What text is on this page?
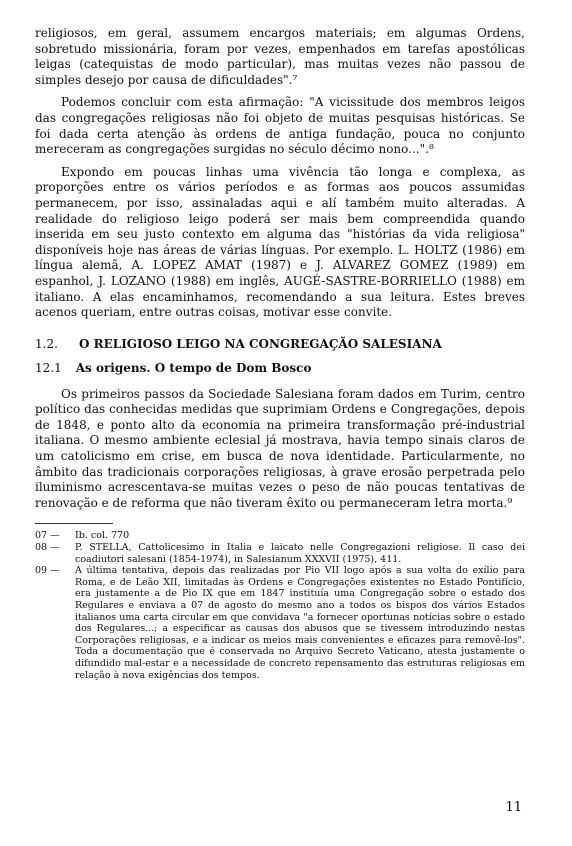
religiosos, em geral, assumem encargos materiais; em algumas Ordens, sobretudo missionária, foram por vezes, empenhados em tarefas apostólicas leigas (catequistas de modo particular), mas muitas vezes não passou de simples desejo por causa de dificuldades".⁷

Podemos concluir com esta afirmação: "A vicissitude dos membros leigos das congregações religiosas não foi objeto de muitas pesquisas históricas. Se foi dada certa atenção às ordens de antiga fundação, pouca no conjunto mereceram as congregações surgidas no século décimo nono...".⁸

Expondo em poucas linhas uma vivência tão longa e complexa, as proporções entre os vários períodos e as formas aos poucos assumidas permanecem, por isso, assinaladas aqui e alí também muito alteradas. A realidade do religioso leigo poderá ser mais bem compreendida quando inserida em seu justo contexto em alguma das "histórias da vida religiosa" disponíveis hoje nas áreas de várias línguas. Por exemplo. L. HOLTZ (1986) em língua alemã, A. LOPEZ AMAT (1987) e J. ALVAREZ GOMEZ (1989) em espanhol, J. LOZANO (1988) em inglês, AUGÉ-SASTRE-BORRIELLO (1988) em italiano. A elas encaminhamos, recomendando a sua leitura. Estes breves acenos queriam, entre outras coisas, motivar esse convite.

1.2. O RELIGIOSO LEIGO NA CONGREGAÇÃO SALESIANA
12.1 As origens. O tempo de Dom Bosco

Os primeiros passos da Sociedade Salesiana foram dados em Turim, centro político das conhecidas medidas que suprimiam Ordens e Congregações, depois de 1848, e ponto alto da economia na primeira transformação pré-industrial italiana. O mesmo ambiente eclesial já mostrava, havia tempo sinais claros de um catolicismo em crise, em busca de nova identidade. Particularmente, no âmbito das tradicionais corporações religiosas, à grave erosão perpetrada pelo iluminismo acrescentava-se muitas vezes o peso de não poucas tentativas de renovação e de reforma que não tiveram êxito ou permaneceram letra morta.⁹

07 —	Ib. col. 770
08 —	P. STELLA, Cattolicesimo in Italia e laicato nelle Congregazioni religiose. Il caso dei coadiutori salesani (1854-1974), in Salesianum XXXVII (1975), 411.
09 —	A última tentativa, depois das realizadas por Pio VII logo após a sua volta do exílio para Roma, e de Leão XII, limitadas às Ordens e Congregações existentes no Estado Pontifício, era justamente a de Pio IX que em 1847 instituía uma Congregação sobre o estado dos Regulares e enviava a 07 de agosto do mesmo ano a todos os bispos dos vários Estados italianos uma carta circular em que convidava "a fornecer oportunas notícias sobre o estado dos Regulares...; a especificar as causas dos abusos que se tivessem introduzindo nestas Corporações religiosas, e a indicar os meios mais convenientes e eficazes para removê-los". Toda a documentação que é conservada no Arquivo Secreto Vaticano, atesta justamente o difundido mal-estar e a necessidade de concreto repensamento das estruturas religiosas em relação à nova exigências dos tempos.
11
